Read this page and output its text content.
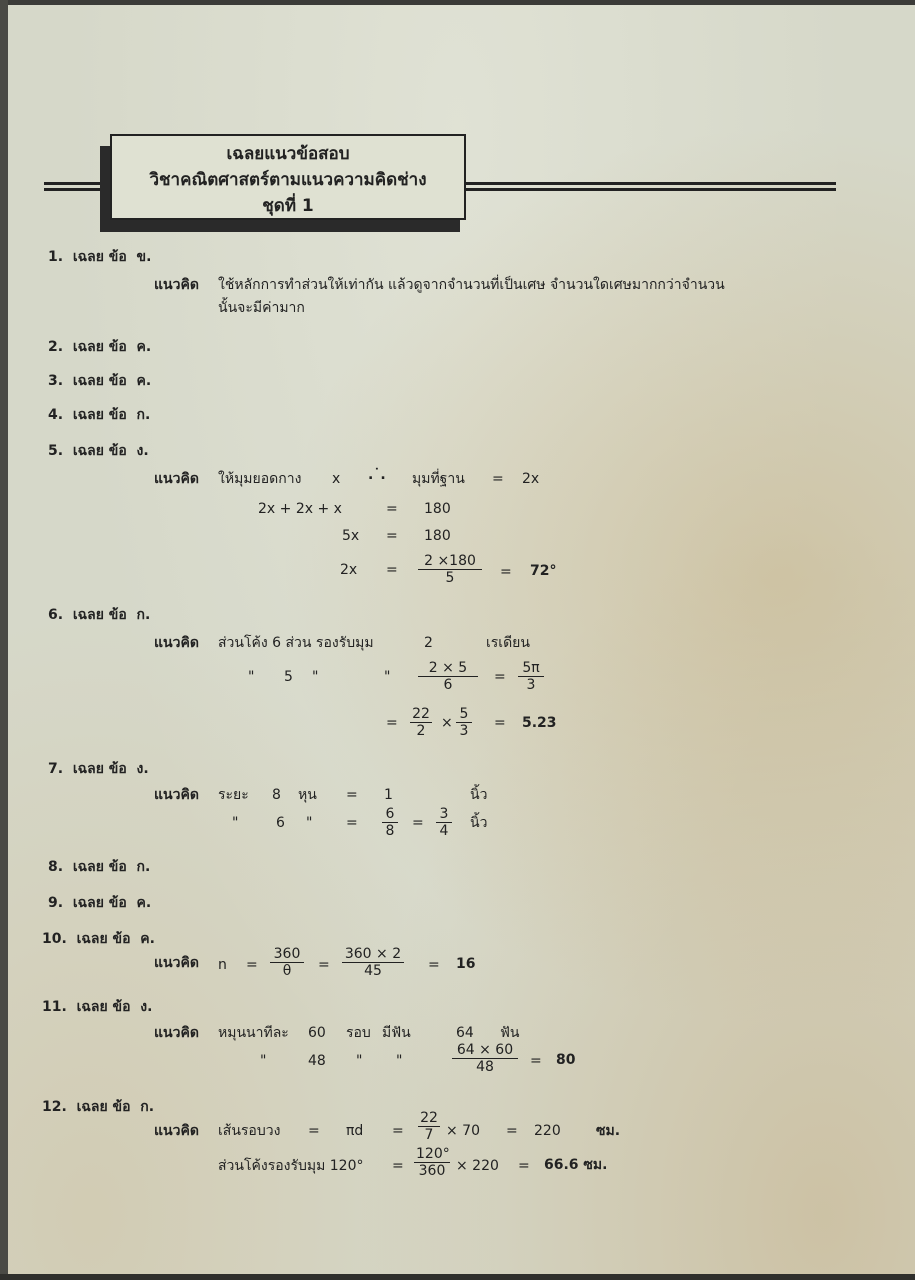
เฉลยแนวข้อสอบ
วิชาคณิตศาสตร์ตามแนวความคิดช่าง
ชุดที่ 1
1. เฉลย ข้อ ข.
แนวคิด ใช้หลักการทำส่วนให้เท่ากัน แล้วดูจากจำนวนที่เป็นเศษ จำนวนใดเศษมากกว่าจำนวน
นั้นจะมีค่ามาก
2. เฉลย ข้อ ค.
3. เฉลย ข้อ ค.
4. เฉลย ข้อ ก.
5. เฉลย ข้อ ง.
แนวคิด ให้มุมยอดกาง x .˙. มุมที่ฐาน = 2x
2x + 2x + x	= 180
5x = 180
$2x = \frac{2 \times 180}{5} = 72^\circ$
6. เฉลย ข้อ ก.
แนวคิด ส่วนโค้ง 6 ส่วน รองรับมุม	2	เรเดียน
" 5 "	" $\frac{2 \times 5}{6} = \frac{5\pi}{3}$
= $\frac{22}{2} \times \frac{5}{3} = 5.23$
7. เฉลย ข้อ ง.
แนวคิด ระยะ 8 หุน = 1	นิ้ว
"	6 " = $\frac{6}{8} = \frac{3}{4}$ นิ้ว
8. เฉลย ข้อ ก.
9. เฉลย ข้อ ค.
10. เฉลย ข้อ ค.
แนวคิด $n = \frac{360}{\theta} = \frac{360 \times 2}{45} = 16$
11. เฉลย ข้อ ง.
แนวคิด หมุนนาทีละ 60 รอบ มีฟัน	64 ฟัน
"	48 " "	$\frac{64 \times 60}{48} = 80$
12. เฉลย ข้อ ก.
แนวคิด เส้นรอบวง = $\pi d = \frac{22}{7} \times 70 = 220$	ซม.
ส่วนโค้งรองรับมุม $120^\circ = \frac{120^\circ}{360} \times 220 = 66.6$ ซม.
